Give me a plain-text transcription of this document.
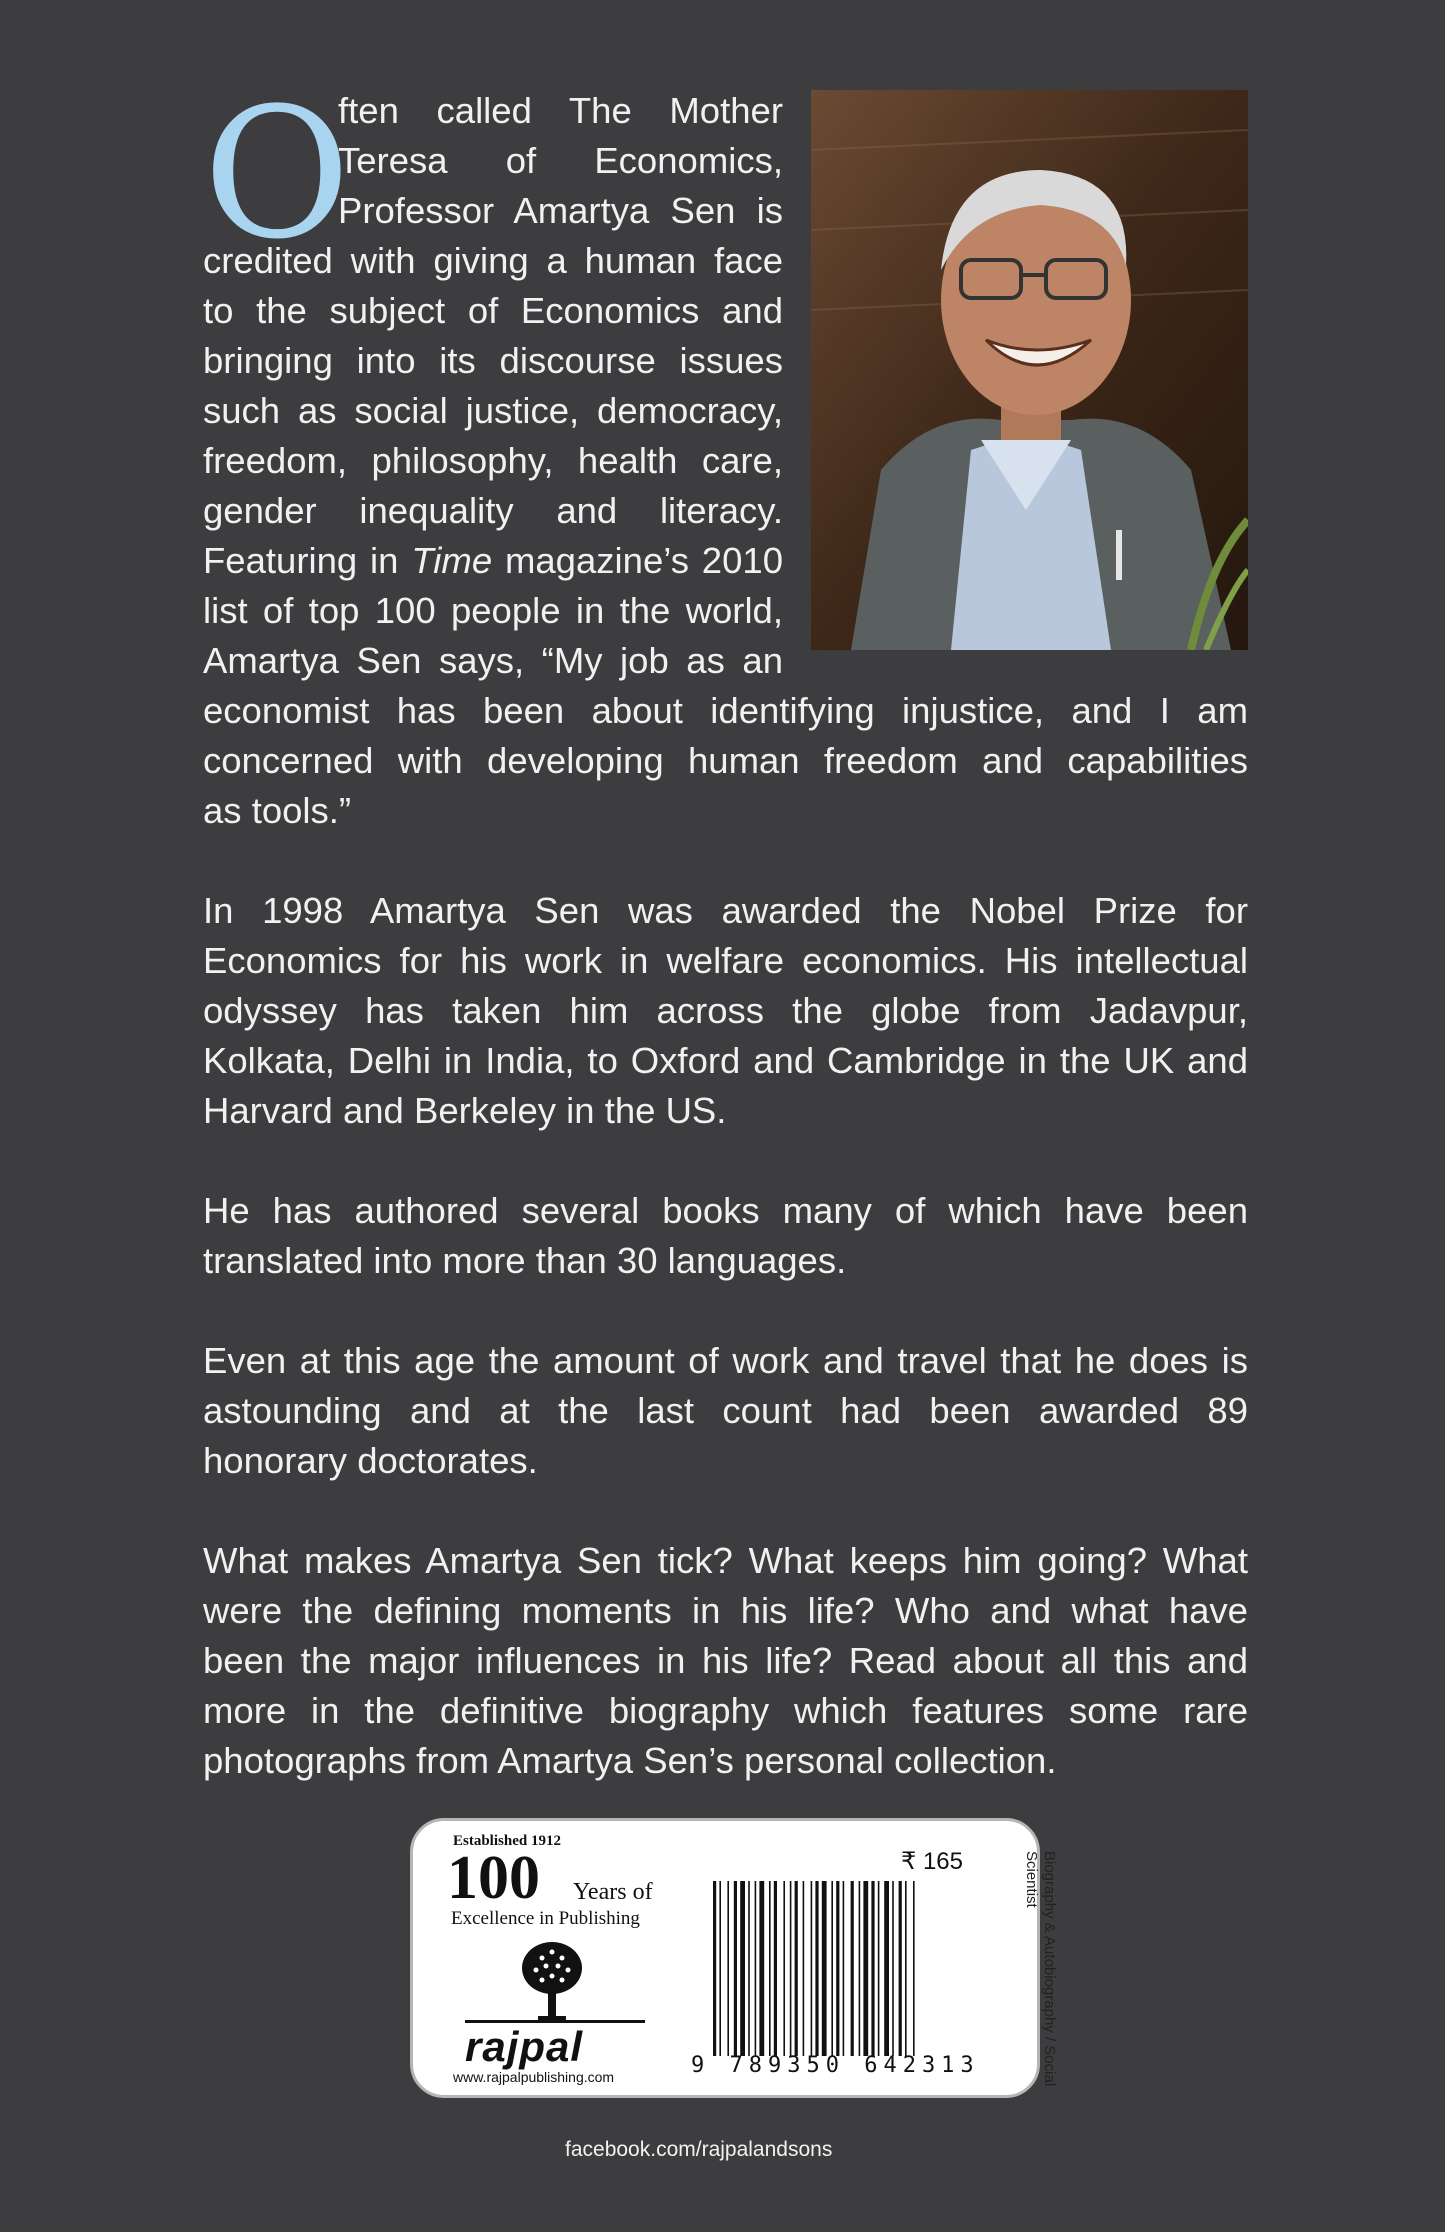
O
ften called The Mother
Teresa of Economics,
Professor Amartya Sen is
credited with giving a human face
to the subject of Economics and
bringing into its discourse issues
such as social justice, democracy,
freedom, philosophy, health care,
gender inequality and literacy.
Featuring in Time magazine’s 2010
list of top 100 people in the world,
Amartya Sen says, “My job as an
economist has been about identifying injustice, and I am
concerned with developing human freedom and capabilities
as tools.”
In 1998 Amartya Sen was awarded the Nobel Prize for
Economics for his work in welfare economics. His intellectual
odyssey has taken him across the globe from Jadavpur,
Kolkata, Delhi in India, to Oxford and Cambridge in the UK and
Harvard and Berkeley in the US.
He has authored several books many of which have been
translated into more than 30 languages.
Even at this age the amount of work and travel that he does is
astounding and at the last count had been awarded 89
honorary doctorates.
What makes Amartya Sen tick? What keeps him going? What
were the defining moments in his life? Who and what have
been the major influences in his life? Read about all this and
more in the definitive biography which features some rare
photographs from Amartya Sen’s personal collection.
Established 1912
100 Years of
Excellence in Publishing
rajpal
www.rajpalpublishing.com
₹ 165
9 789350 642313	Biography & Autobiography / Social Scientist
facebook.com/rajpalandsons
